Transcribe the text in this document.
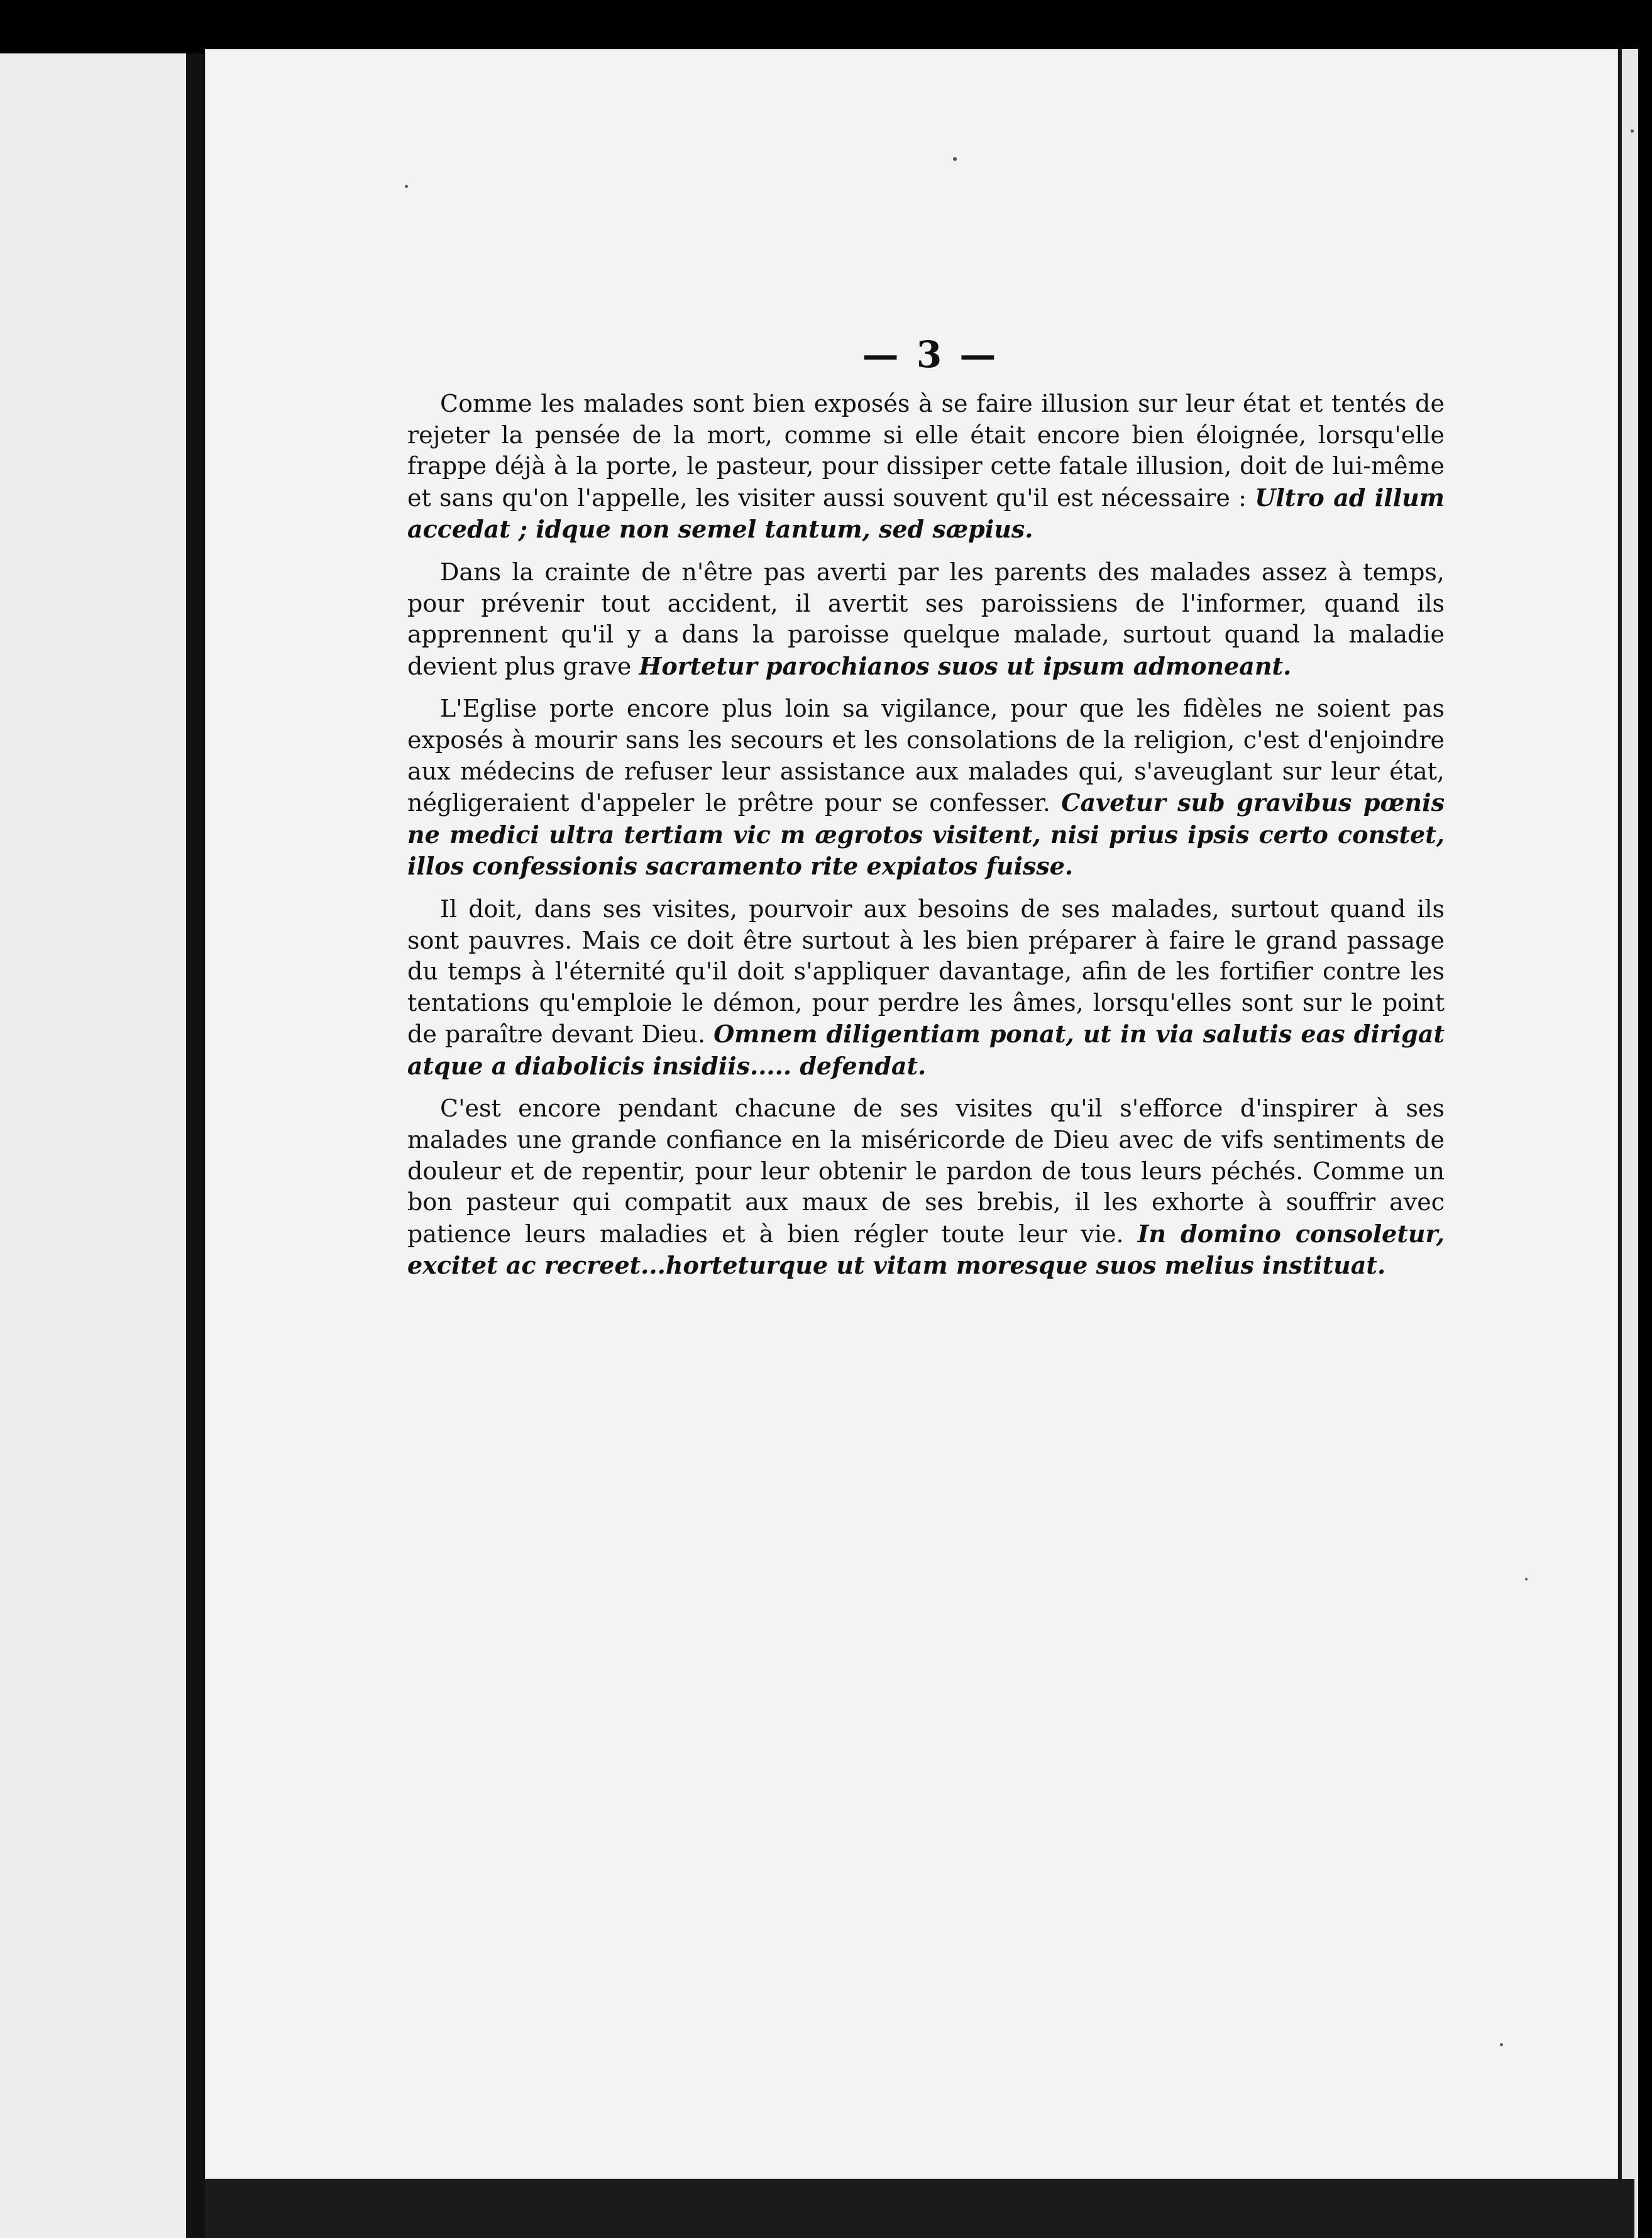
— 3 —

Comme les malades sont bien exposés à se faire illusion sur leur état et tentés de rejeter la pensée de la mort, comme si elle était encore bien éloignée, lorsqu'elle frappe déjà à la porte, le pasteur, pour dissiper cette fatale illusion, doit de lui-même et sans qu'on l'appelle, les visiter aussi souvent qu'il est nécessaire : Ultro ad illum accedat ; idque non semel tantum, sed sæpius.

Dans la crainte de n'être pas averti par les parents des malades assez à temps, pour prévenir tout accident, il avertit ses paroissiens de l'informer, quand ils apprennent qu'il y a dans la paroisse quelque malade, surtout quand la maladie devient plus grave Hortetur parochianos suos ut ipsum admoneant.

L'Eglise porte encore plus loin sa vigilance, pour que les fidèles ne soient pas exposés à mourir sans les secours et les consolations de la religion, c'est d'enjoindre aux médecins de refuser leur assistance aux malades qui, s'aveuglant sur leur état, négligeraient d'appeler le prêtre pour se confesser. Cavetur sub gravibus pœnis ne medici ultra tertiam vic m ægrotos visitent, nisi prius ipsis certo constet, illos confessionis sacramento rite expiatos fuisse.

Il doit, dans ses visites, pourvoir aux besoins de ses malades, surtout quand ils sont pauvres. Mais ce doit être surtout à les bien préparer à faire le grand passage du temps à l'éternité qu'il doit s'appliquer davantage, afin de les fortifier contre les tentations qu'emploie le démon, pour perdre les âmes, lorsqu'elles sont sur le point de paraître devant Dieu. Omnem diligentiam ponat, ut in via salutis eas dirigat atque a diabolicis insidiis..... defendat.

C'est encore pendant chacune de ses visites qu'il s'efforce d'inspirer à ses malades une grande confiance en la miséricorde de Dieu avec de vifs sentiments de douleur et de repentir, pour leur obtenir le pardon de tous leurs péchés. Comme un bon pasteur qui compatit aux maux de ses brebis, il les exhorte à souffrir avec patience leurs maladies et à bien régler toute leur vie. In domino consoletur, excitet ac recreet...horteturque ut vitam moresque suos melius instituat.
